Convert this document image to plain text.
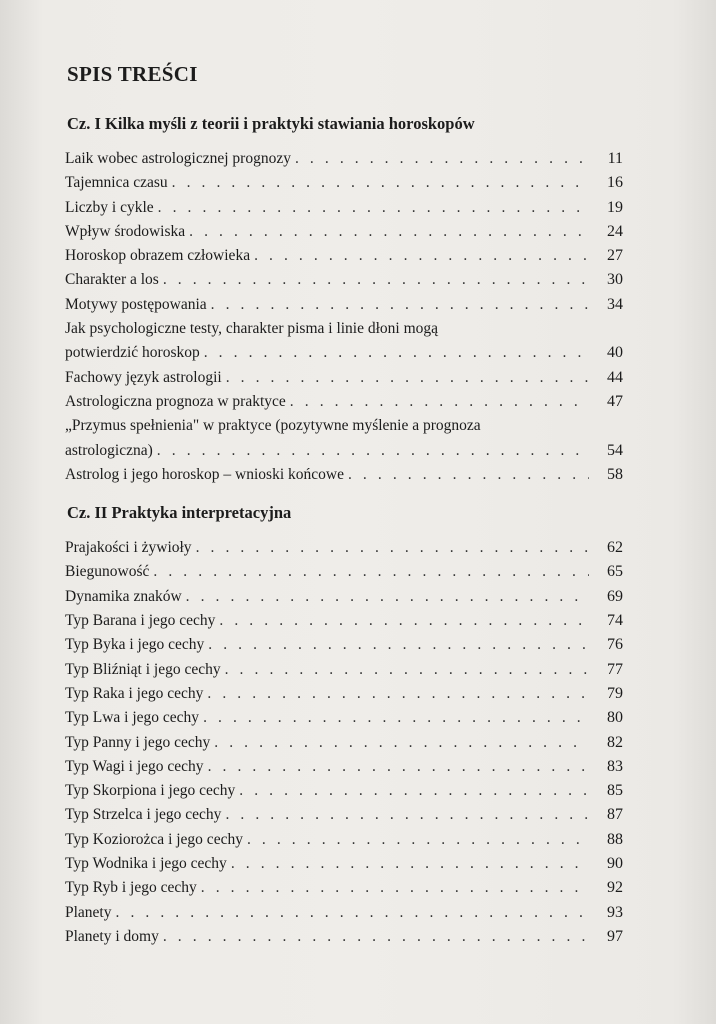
SPIS TREŚCI
Cz. I Kilka myśli z teorii i praktyki stawiania horoskopów
Laik wobec astrologicznej prognozy . . .	11
Tajemnica czasu . . .	16
Liczby i cykle . . .	19
Wpływ środowiska . . .	24
Horoskop obrazem człowieka . . .	27
Charakter a los . . .	30
Motywy postępowania . . .	34
Jak psychologiczne testy, charakter pisma i linie dłoni mogą
potwierdzić horoskop . . .	40
Fachowy język astrologii . . .	44
Astrologiczna prognoza w praktyce . . .	47
„Przymus spełnienia" w praktyce (pozytywne myślenie a prognoza
astrologiczna) . . .	54
Astrolog i jego horoskop – wnioski końcowe . . .	58
Cz. II Praktyka interpretacyjna
Prajakości i żywioły . . .	62
Biegunowość . . .	65
Dynamika znaków . . .	69
Typ Barana i jego cechy . . .	74
Typ Byka i jego cechy . . .	76
Typ Bliźniąt i jego cechy . . .	77
Typ Raka i jego cechy . . .	79
Typ Lwa i jego cechy . . .	80
Typ Panny i jego cechy . . .	82
Typ Wagi i jego cechy . . .	83
Typ Skorpiona i jego cechy . . .	85
Typ Strzelca i jego cechy . . .	87
Typ Koziorożca i jego cechy . . .	88
Typ Wodnika i jego cechy . . .	90
Typ Ryb i jego cechy . . .	92
Planety . . .	93
Planety i domy . . .	97
